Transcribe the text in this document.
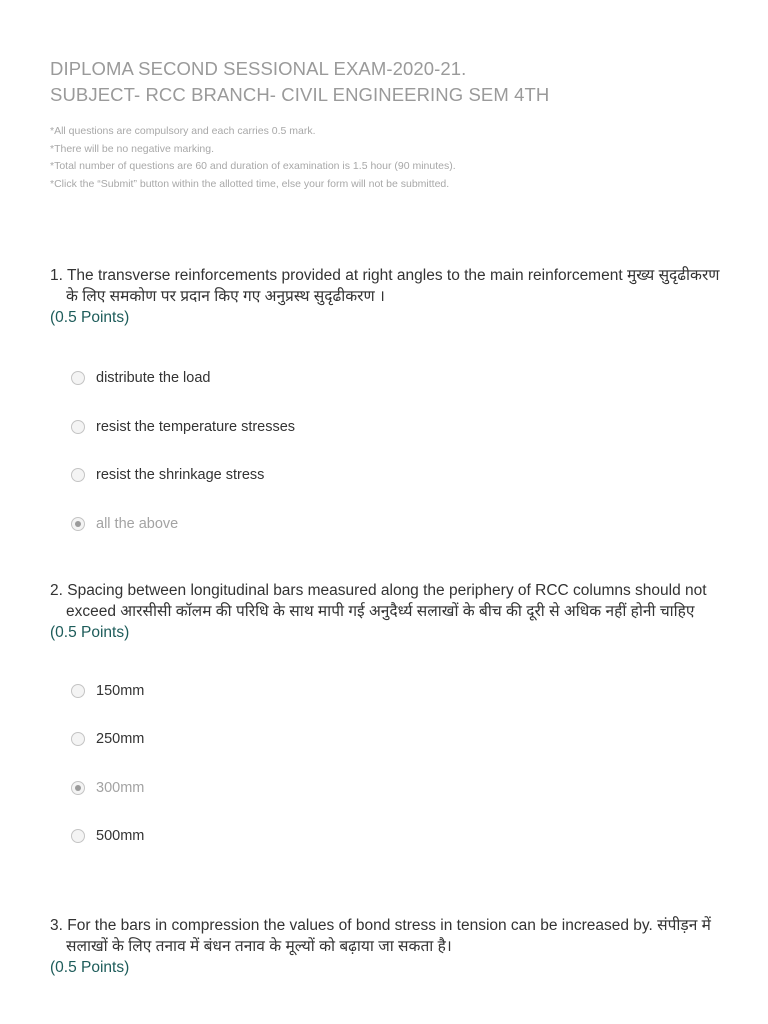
DIPLOMA SECOND SESSIONAL EXAM-2020-21.
SUBJECT- RCC BRANCH- CIVIL ENGINEERING SEM 4TH
*All questions are compulsory and each carries 0.5 mark.
*There will be no negative marking.
*Total number of questions are 60 and duration of examination is 1.5 hour (90 minutes).
*Click the “Submit” button within the allotted time, else your form will not be submitted.
1. The transverse reinforcements provided at right angles to the main reinforcement मुख्य सुदृढीकरण के लिए समकोण पर प्रदान किए गए अनुप्रस्थ सुदृढीकरण ।
(0.5 Points)
distribute the load
resist the temperature stresses
resist the shrinkage stress
all the above
2. Spacing between longitudinal bars measured along the periphery of RCC columns should not exceed आरसीसी कॉलम की परिधि के साथ मापी गई अनुदैर्ध्य सलाखों के बीच की दूरी से अधिक नहीं होनी चाहिए
(0.5 Points)
150mm
250mm
300mm
500mm
3. For the bars in compression the values of bond stress in tension can be increased by. संपीड़न में सलाखों के लिए तनाव में बंधन तनाव के मूल्यों को बढ़ाया जा सकता है।
(0.5 Points)
